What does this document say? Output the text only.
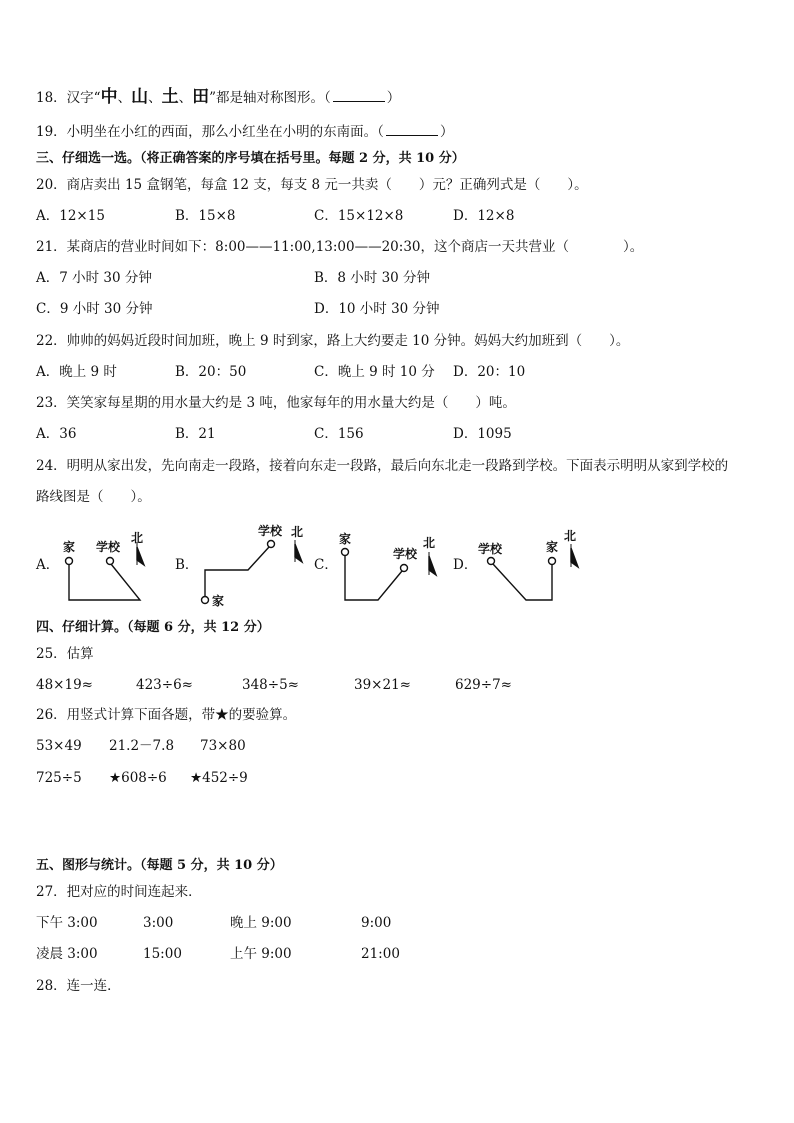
18．汉字“中、山、土、田”都是轴对称图形。（	）
19．小明坐在小红的西面，那么小红坐在小明的东南面。（	）
三、仔细选一选。（将正确答案的序号填在括号里。每题 2 分，共 10 分）
20．商店卖出 15 盒钢笔，每盒 12 支，每支 8 元一共卖（　　）元？正确列式是（　　）。
A．12×15	B．15×8	C．15×12×8	D．12×8
21．某商店的营业时间如下：8:00——11:00,13:00——20:30，这个商店一天共营业（　　　　）。
A．7 小时 30 分钟	B．8 小时 30 分钟
C．9 小时 30 分钟	D．10 小时 30 分钟
22．帅帅的妈妈近段时间加班，晚上 9 时到家，路上大约要走 10 分钟。妈妈大约加班到（　　）。
A．晚上 9 时	B．20：50	C．晚上 9 时 10 分 D．20：10
23．笑笑家每星期的用水量大约是 3 吨，他家每年的用水量大约是（　　）吨。
A．36	B．21	C．156	D．1095
24．明明从家出发，先向南走一段路，接着向东走一段路，最后向东北走一段路到学校。下面表示明明从家到学校的
路线图是（　　）。
A．	B．	C．	D．
家 学校
北
家
学校 北	家
学校
北	学校	家
北
四、仔细计算。（每题 6 分，共 12 分）
25．估算
48×19≈	423÷6≈	348÷5≈	39×21≈	629÷7≈
26．用竖式计算下面各题，带★的要验算。
53×49 21.2－7.8 73×80
725÷5 ★608÷6 ★452÷9
五、图形与统计。（每题 5 分，共 10 分）
27．把对应的时间连起来．
下午 3:00	3:00	晚上 9:00	9:00
凌晨 3:00	15:00	上午 9:00	21:00
28．连一连．
